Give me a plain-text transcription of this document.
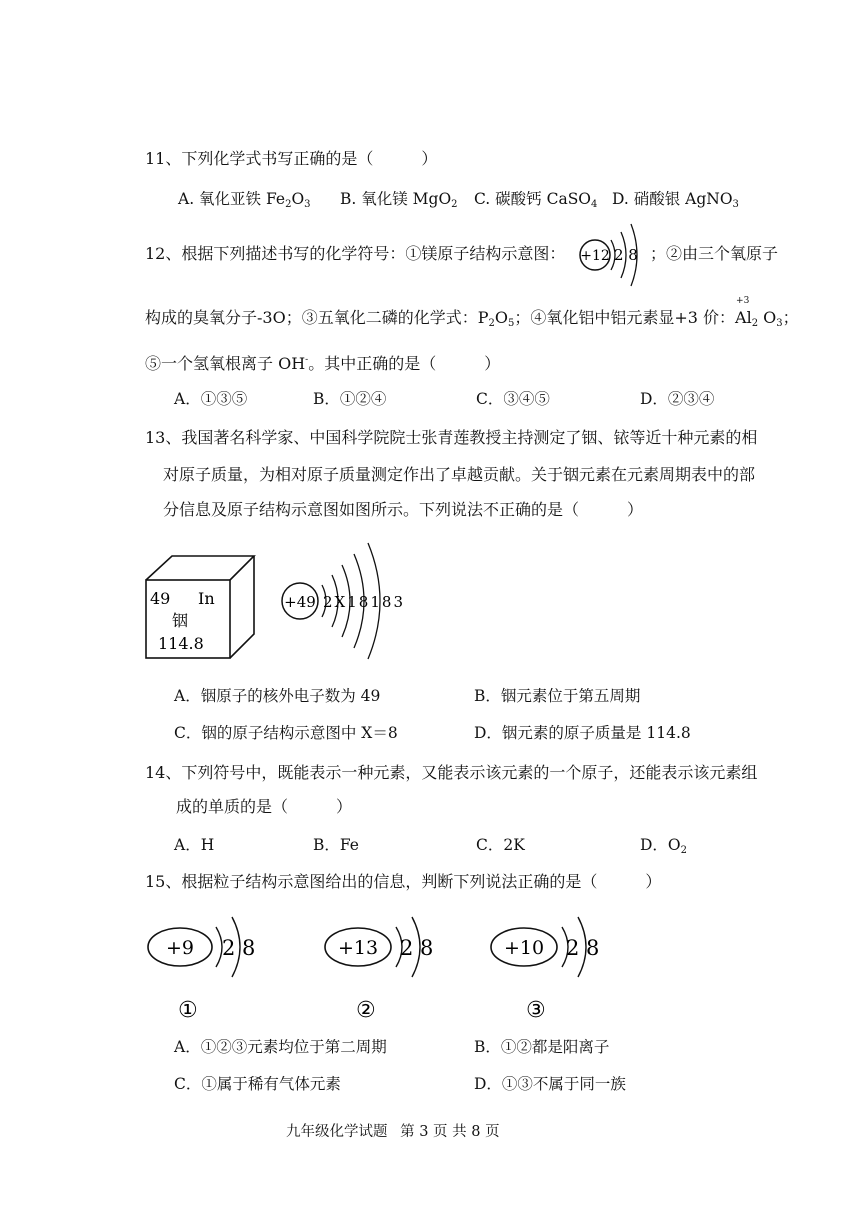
11、下列化学式书写正确的是（　　　）
A. 氧化亚铁 $Fe_2O_3$ B. 氧化镁 MgO$_2$ C. 碳酸钙 CaSO$_4$ D. 硝酸银 AgNO$_3$
12、根据下列描述书写的化学符号：①镁原子结构示意图： +12 2 8 ；②由三个氧原子
构成的臭氧分子-3O；③五氧化二磷的化学式：$P_2O_5$；④氧化铝中铝元素显+3 价：
+3
$Al_2$ $O_3$；
⑤一个氢氧根离子 OH-。其中正确的是（　　　）
A．①③⑤	B．①②④	C．③④⑤	D．②③④
13、我国著名科学家、中国科学院院士张青莲教授主持测定了铟、铱等近十种元素的相
对原子质量，为相对原子质量测定作出了卓越贡献。关于铟元素在元素周期表中的部
分信息及原子结构示意图如图所示。下列说法不正确的是（　　　）
49 In
铟
114.8
+49 2X18183
A．铟原子的核外电子数为 49	B．铟元素位于第五周期
C．铟的原子结构示意图中 X＝8	D．铟元素的原子质量是 114.8
14、下列符号中，既能表示一种元素，又能表示该元素的一个原子，还能表示该元素组
成的单质的是（　　　）
A．H	B．Fe	C．2K	D．$O_2$
15、根据粒子结构示意图给出的信息，判断下列说法正确的是（　　　）
+9 2 8
①
+13 2 8
②
+10 2 8
③
A．①②③元素均位于第二周期	B．①②都是阳离子
C．①属于稀有气体元素	D．①③不属于同一族
九年级化学试题 第 3 页 共 8 页
